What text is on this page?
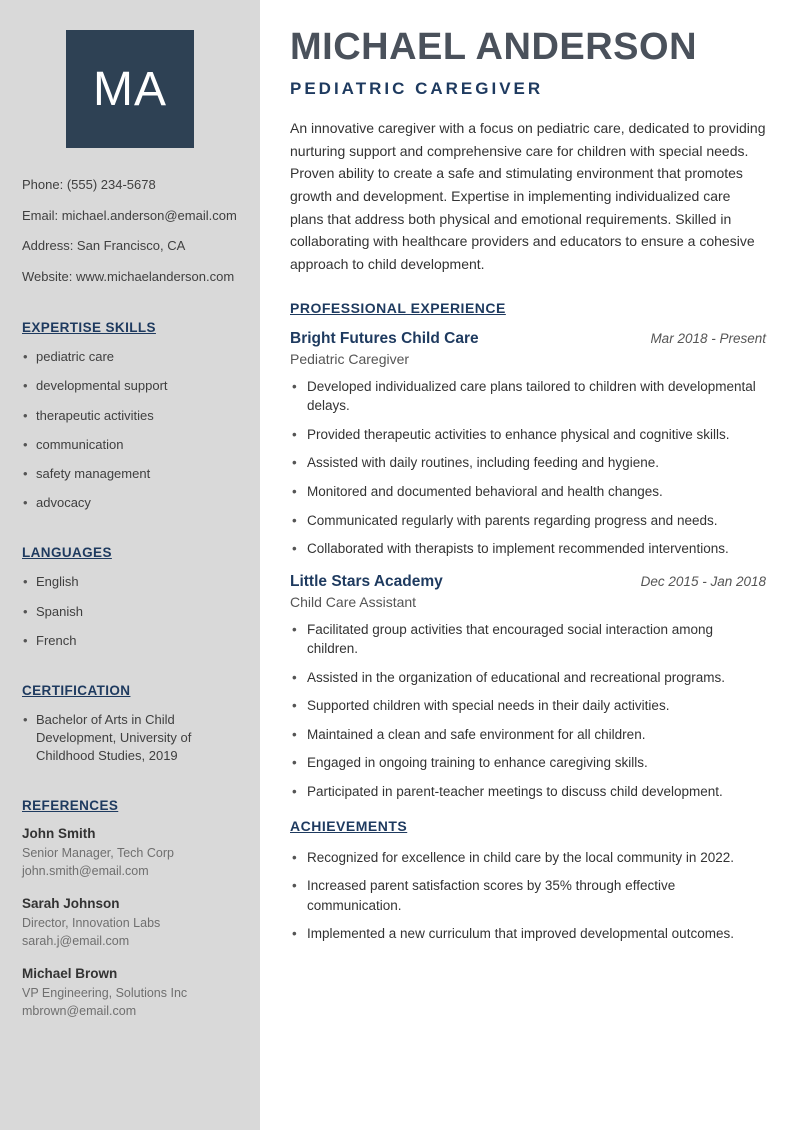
MA
Phone: (555) 234-5678
Email: michael.anderson@email.com
Address: San Francisco, CA
Website: www.michaelanderson.com
EXPERTISE SKILLS
• pediatric care
• developmental support
• therapeutic activities
• communication
• safety management
• advocacy
LANGUAGES
• English
• Spanish
• French
CERTIFICATION
• Bachelor of Arts in Child Development, University of Childhood Studies, 2019
REFERENCES
John Smith
Senior Manager, Tech Corp
john.smith@email.com
Sarah Johnson
Director, Innovation Labs
sarah.j@email.com
Michael Brown
VP Engineering, Solutions Inc
mbrown@email.com
MICHAEL ANDERSON
PEDIATRIC CAREGIVER

An innovative caregiver with a focus on pediatric care, dedicated to providing nurturing support and comprehensive care for children with special needs. Proven ability to create a safe and stimulating environment that promotes growth and development. Expertise in implementing individualized care plans that address both physical and emotional requirements. Skilled in collaborating with healthcare providers and educators to ensure a cohesive approach to child development.

PROFESSIONAL EXPERIENCE
Bright Futures Child Care	Mar 2018 - Present
Pediatric Caregiver
• Developed individualized care plans tailored to children with developmental delays.
• Provided therapeutic activities to enhance physical and cognitive skills.
• Assisted with daily routines, including feeding and hygiene.
• Monitored and documented behavioral and health changes.
• Communicated regularly with parents regarding progress and needs.
• Collaborated with therapists to implement recommended interventions.
Little Stars Academy	Dec 2015 - Jan 2018
Child Care Assistant
• Facilitated group activities that encouraged social interaction among children.
• Assisted in the organization of educational and recreational programs.
• Supported children with special needs in their daily activities.
• Maintained a clean and safe environment for all children.
• Engaged in ongoing training to enhance caregiving skills.
• Participated in parent-teacher meetings to discuss child development.
ACHIEVEMENTS
• Recognized for excellence in child care by the local community in 2022.
• Increased parent satisfaction scores by 35% through effective communication.
• Implemented a new curriculum that improved developmental outcomes.
